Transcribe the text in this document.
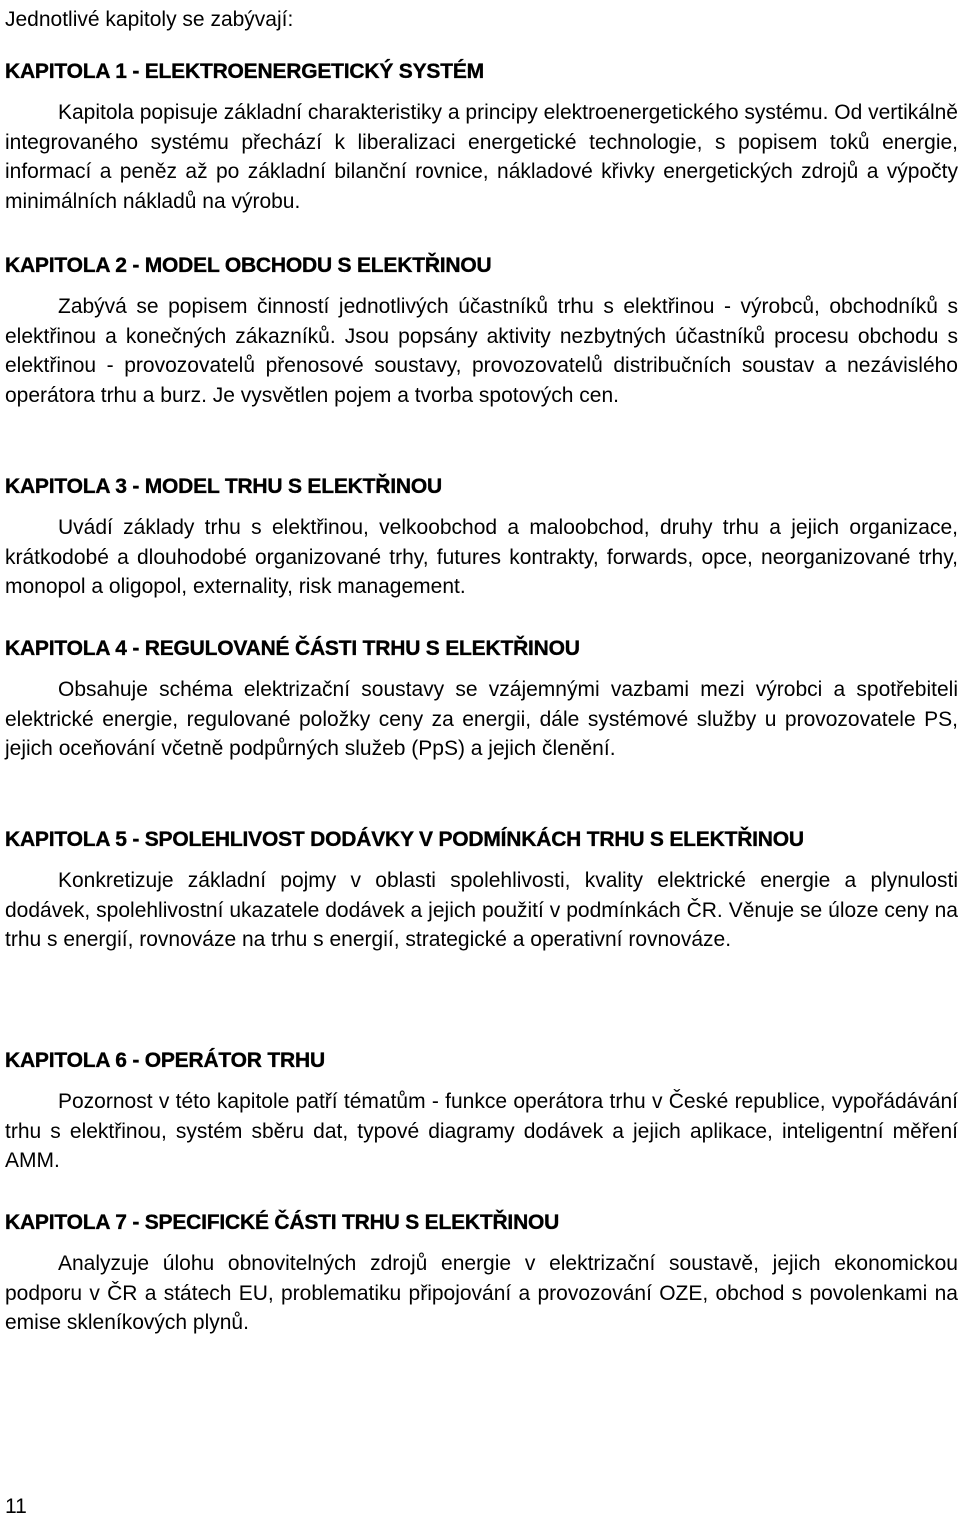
Jednotlivé kapitoly se zabývají:
KAPITOLA 1 - ELEKTROENERGETICKÝ SYSTÉM

Kapitola popisuje základní charakteristiky a principy elektroenergetického systému. Od vertikálně integrovaného systému přechází k liberalizaci energetické technologie, s popisem toků energie, informací a peněz až po základní bilanční rovnice, nákladové křivky energetických zdrojů a výpočty minimálních nákladů na výrobu.

KAPITOLA 2 - MODEL OBCHODU S ELEKTŘINOU

Zabývá se popisem činností jednotlivých účastníků trhu s elektřinou - výrobců, obchodníků s elektřinou a konečných zákazníků. Jsou popsány aktivity nezbytných účastníků procesu obchodu s elektřinou - provozovatelů přenosové soustavy, provozovatelů distribučních soustav a nezávislého operátora trhu a burz. Je vysvětlen pojem a tvorba spotových cen.

KAPITOLA 3 - MODEL TRHU S ELEKTŘINOU

Uvádí základy trhu s elektřinou, velkoobchod a maloobchod, druhy trhu a jejich organizace, krátkodobé a dlouhodobé organizované trhy, futures kontrakty, forwards, opce, neorganizované trhy, monopol a oligopol, externality, risk management.

KAPITOLA 4 - REGULOVANÉ ČÁSTI TRHU S ELEKTŘINOU

Obsahuje schéma elektrizační soustavy se vzájemnými vazbami mezi výrobci a spotřebiteli elektrické energie, regulované položky ceny za energii, dále systémové služby u provozovatele PS, jejich oceňování včetně podpůrných služeb (PpS) a jejich členění.

KAPITOLA 5 - SPOLEHLIVOST DODÁVKY V PODMÍNKÁCH TRHU S ELEKTŘINOU

Konkretizuje základní pojmy v oblasti spolehlivosti, kvality elektrické energie a plynulosti dodávek, spolehlivostní ukazatele dodávek a jejich použití v podmínkách ČR. Věnuje se úloze ceny na trhu s energií, rovnováze na trhu s energií, strategické a operativní rovnováze.

KAPITOLA 6 - OPERÁTOR TRHU

Pozornost v této kapitole patří tématům - funkce operátora trhu v České republice, vypořádávání trhu s elektřinou, systém sběru dat, typové diagramy dodávek a jejich aplikace, inteligentní měření AMM.

KAPITOLA 7 - SPECIFICKÉ ČÁSTI TRHU S ELEKTŘINOU

Analyzuje úlohu obnovitelných zdrojů energie v elektrizační soustavě, jejich ekonomickou podporu v ČR a státech EU, problematiku připojování a provozování OZE, obchod s povolenkami na emise skleníkových plynů.

11
